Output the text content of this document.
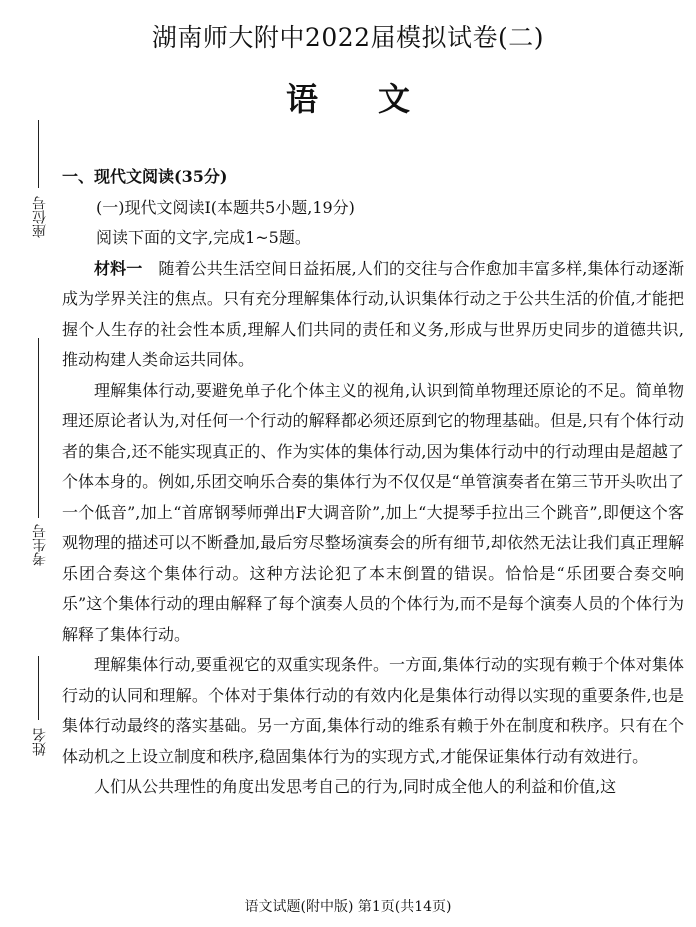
湖南师大附中2022届模拟试卷(二)
语文
座位号
考生号
姓名

一、现代文阅读(35分)

(一)现代文阅读Ⅰ(本题共5小题,19分)

阅读下面的文字,完成1~5题。

材料一　 随着公共生活空间日益拓展,人们的交往与合作愈加丰富多样,集体行动逐渐成为学界关注的焦点。只有充分理解集体行动,认识集体行动之于公共生活的价值,才能把握个人生存的社会性本质,理解人们共同的责任和义务,形成与世界历史同步的道德共识,推动构建人类命运共同体。

理解集体行动,要避免单子化个体主义的视角,认识到简单物理还原论的不足。简单物理还原论者认为,对任何一个行动的解释都必须还原到它的物理基础。但是,只有个体行动者的集合,还不能实现真正的、作为实体的集体行动,因为集体行动中的行动理由是超越了个体本身的。例如,乐团交响乐合奏的集体行为不仅仅是“单管演奏者在第三节开头吹出了一个低音”,加上“首席钢琴师弹出F大调音阶”,加上“大提琴手拉出三个跳音”,即便这个客观物理的描述可以不断叠加,最后穷尽整场演奏会的所有细节,却依然无法让我们真正理解乐团合奏这个集体行动。这种方法论犯了本末倒置的错误。恰恰是“乐团要合奏交响乐”这个集体行动的理由解释了每个演奏人员的个体行为,而不是每个演奏人员的个体行为解释了集体行动。

理解集体行动,要重视它的双重实现条件。一方面,集体行动的实现有赖于个体对集体行动的认同和理解。个体对于集体行动的有效内化是集体行动得以实现的重要条件,也是集体行动最终的落实基础。另一方面,集体行动的维系有赖于外在制度和秩序。只有在个体动机之上设立制度和秩序,稳固集体行为的实现方式,才能保证集体行动有效进行。

人们从公共理性的角度出发思考自己的行为,同时成全他人的利益和价值,这

语文试题(附中版) 第1页(共14页)
